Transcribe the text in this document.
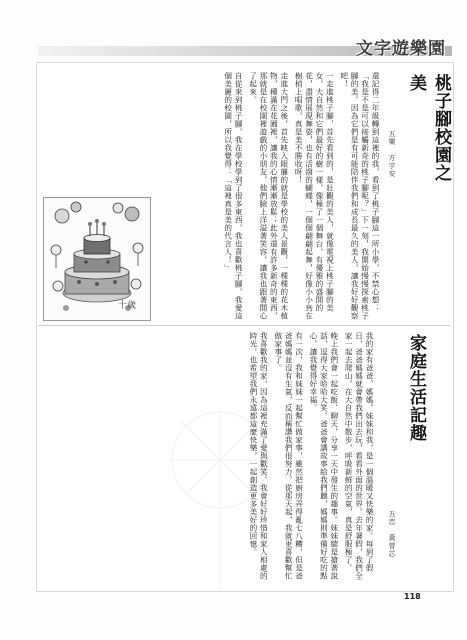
文字遊樂園
桃子腳校園之美
五樂　方宇安

還記得二年級轉到這裡的我，看到了桃子腳這一所小學，不禁心想：「我是不是可以接觸新奇的桃子腳呢？」下一刻，我開始慢慢探索桃子腳的美。因為它們是有可能陪伴我們和成長最久的美人，讓我好好觀察吧！

一走進桃子腳，首先看到的，是壯觀的美人，就像電視上桃子腳的美女，大自然和它們最好的樹一樣，像極了一個舞台，有優雅的盛開的花，盡情展現舞姿，也有活潑的蝴蝶，一個個翩翩起舞，好像小小鳥在樹梢上唱歌，真是美不勝收呀！

走進大門之後，首先映入眼簾的就是學校的美人景觀，一棵棵的花木植物，種滿在花圃裡，讓我的心情漸漸放鬆；此外還有許多新奇的東西，那就是在校園裡遊戲的小朋友，他們臉上洋溢著笑容，讓我也跟著開心了起來。

自從來到桃子腳，我在學校學到了很多東西，我也喜歡桃子腳，我愛這個美麗的校園，所以我覺得：「這裡真是美的代言人！」

十歲
家庭生活記趣
五忠　黃曾芯

我的家有爸爸、媽媽、妹妹和我，是一個溫暖又快樂的家。每到了假日，爸爸媽媽就會帶我們出去玩，看看外面的世界。去年暑假，我們全家一起去爬山，在大自然中散步，呼吸新鮮的空氣，真是舒服極了。

晚上我們會一起吃飯、聊天，分享一天中發生的趣事。妹妹總是搶著說話，逗得大家哈哈大笑。爸爸會講故事給我們聽，媽媽則準備好吃的點心，讓我覺得好幸福。

有一次，我和妹妹一起幫忙做家事，雖然把廚房弄得亂七八糟，但是爸爸媽媽並沒有生氣，反而稱讚我們很努力。從那天起，我就更喜歡幫忙做家事了。

我喜歡我的家，因為這裡充滿了愛與歡笑。我會好好珍惜和家人相處的時光，也希望我們永遠都這麼快樂，一起創造更多美好的回憶。

118
